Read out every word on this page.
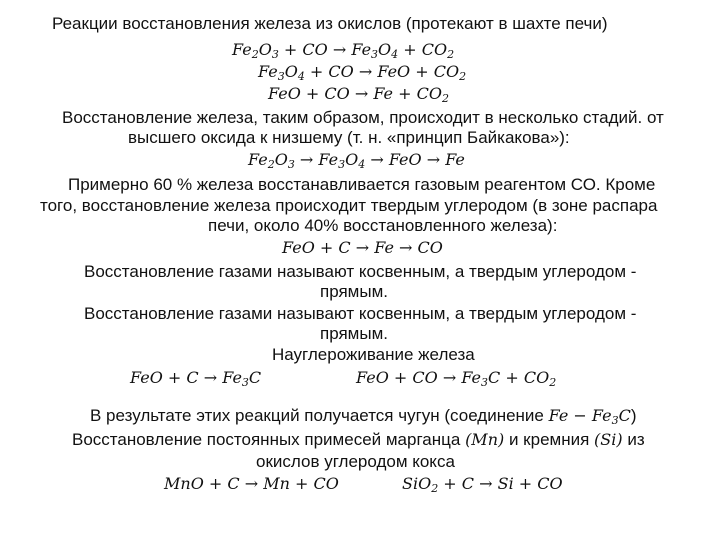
Реакции восстановления железа из окислов (протекают в шахте печи)
$Fe_2O_3$ + CO → $Fe_3O_4 + CO_2$
$Fe_3O_4$ + CO → FeO + $CO_2$
FeO + CO → $Fe + CO_2$
Восстановление железа, таким образом, происходит в несколько стадий. от
высшего оксида к низшему (т. н. «принцип Байкакова»):
$Fe_2O_3 \to Fe_3O_4$ → FeO → Fe
Примерно 60 % железа восстанавливается газовым реагентом СО. Кроме
того, восстановление железа происходит твердым углеродом (в зоне распара
печи, около 40% восстановленного железа):
FeO + C → Fe → CO
Восстановление газами называют косвенным, а твердым углеродом -
прямым.
Восстановление газами называют косвенным, а твердым углеродом -
прямым.
Науглероживание железа
FeO + $C \to Fe_3C$	FeO + CO → $Fe_3C + CO_2$
В результате этих реакций получается чугун (соединение $Fe - Fe_3C$)
Восстановление постоянных примесей марганца (Mn) и кремния (Si) из
окислов углеродом кокса
MnO + C → Mn + CO	SiO$_2$ + C → Si + CO
